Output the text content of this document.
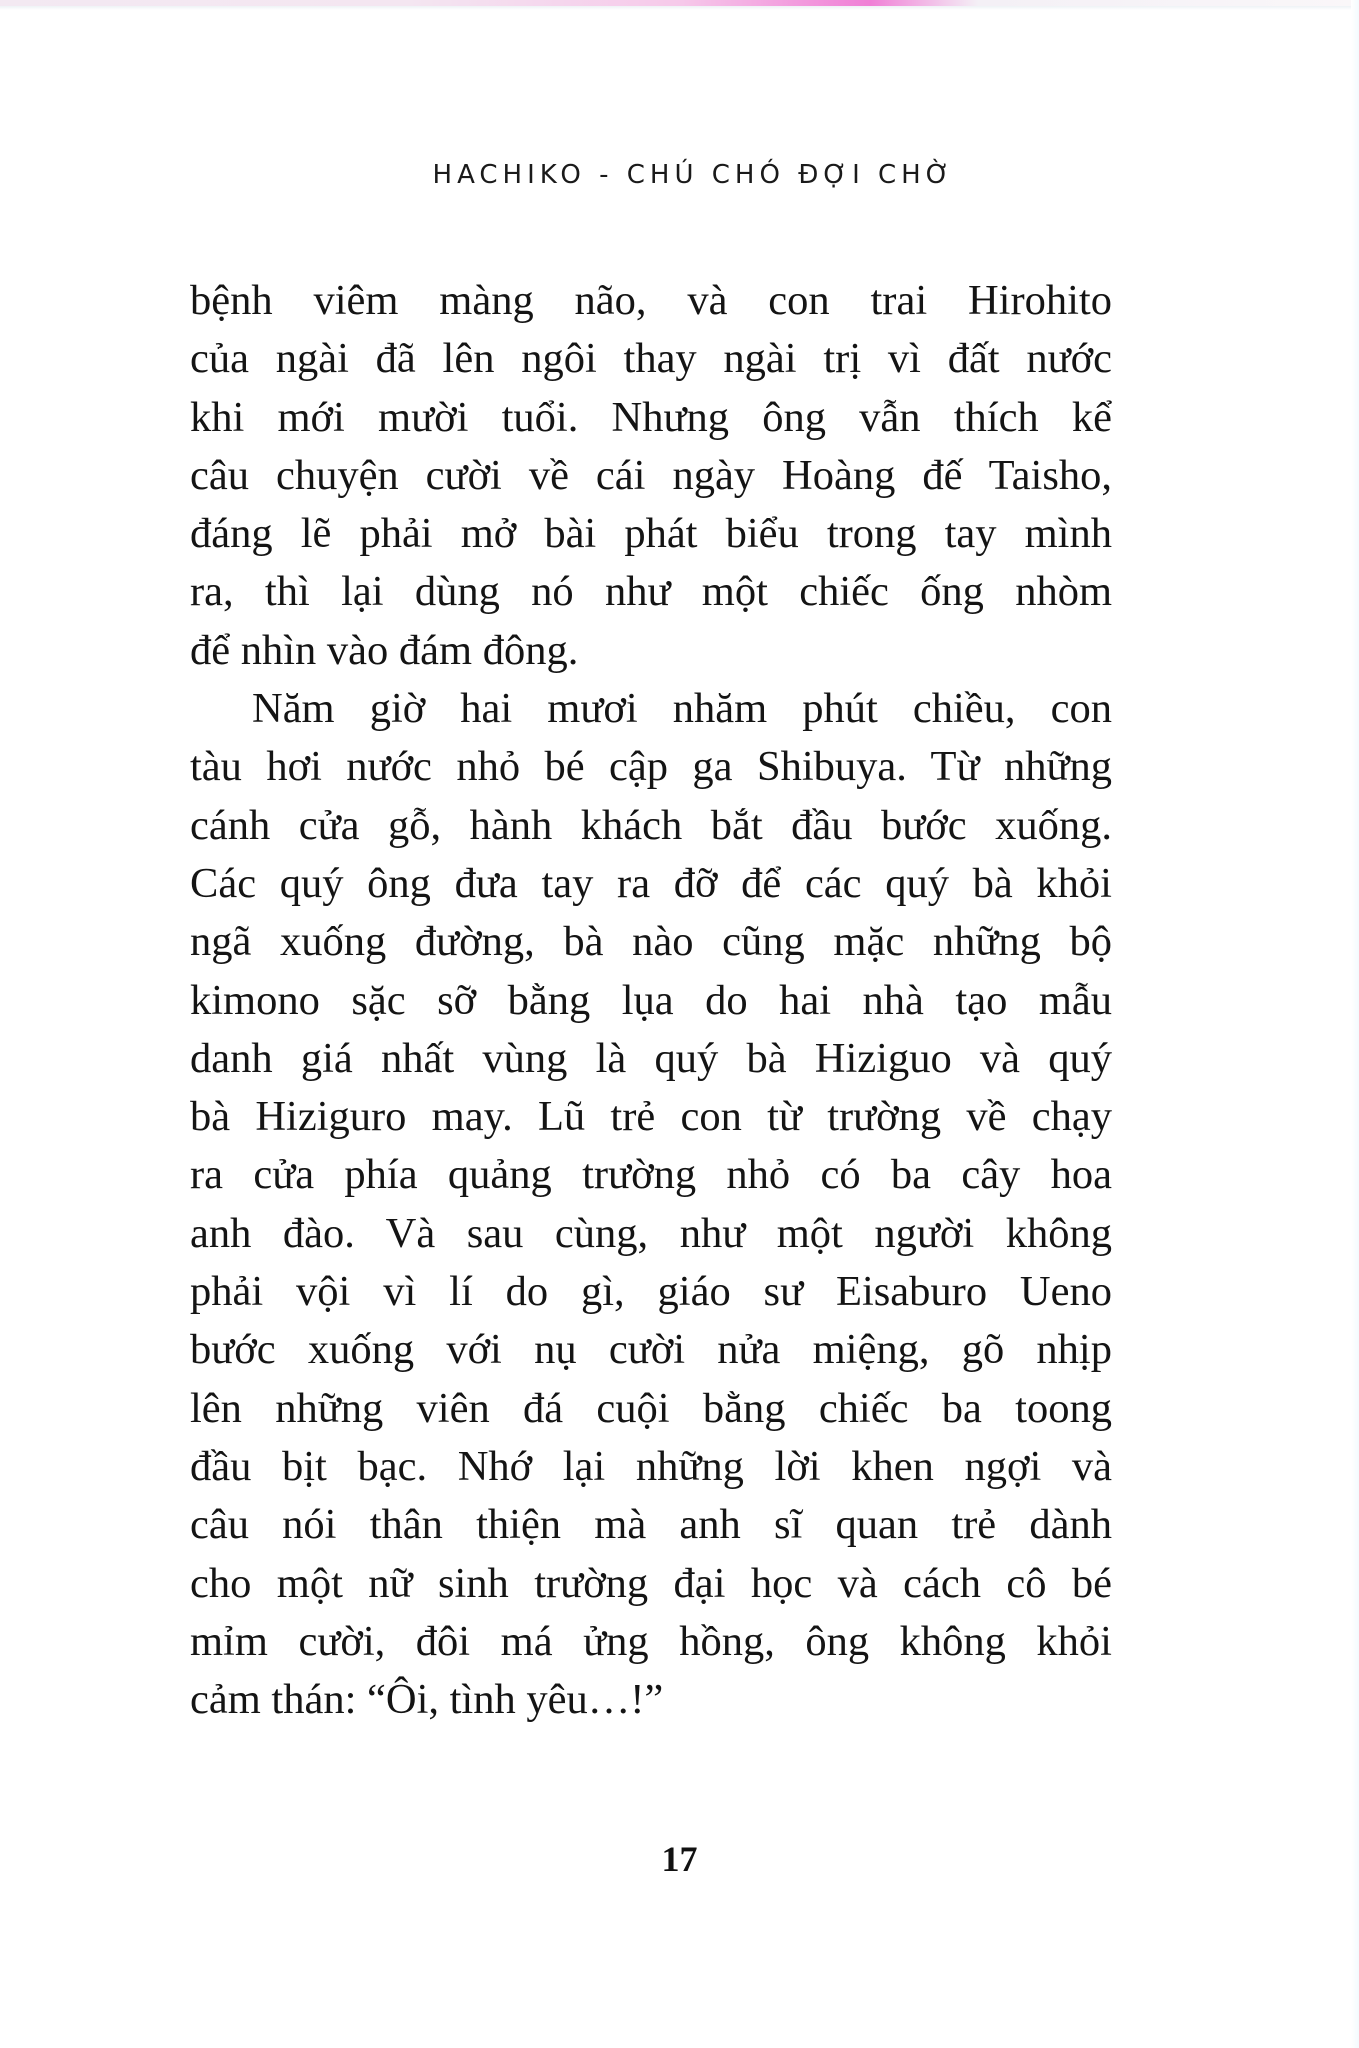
HACHIKO - CHÚ CHÓ ĐỢI CHỜ
bệnh viêm màng não, và con trai Hirohito
của ngài đã lên ngôi thay ngài trị vì đất nước
khi mới mười tuổi. Nhưng ông vẫn thích kể
câu chuyện cười về cái ngày Hoàng đế Taisho,
đáng lẽ phải mở bài phát biểu trong tay mình
ra, thì lại dùng nó như một chiếc ống nhòm
để nhìn vào đám đông.
Năm giờ hai mươi nhăm phút chiều, con
tàu hơi nước nhỏ bé cập ga Shibuya. Từ những
cánh cửa gỗ, hành khách bắt đầu bước xuống.
Các quý ông đưa tay ra đỡ để các quý bà khỏi
ngã xuống đường, bà nào cũng mặc những bộ
kimono sặc sỡ bằng lụa do hai nhà tạo mẫu
danh giá nhất vùng là quý bà Hiziguo và quý
bà Hiziguro may. Lũ trẻ con từ trường về chạy
ra cửa phía quảng trường nhỏ có ba cây hoa
anh đào. Và sau cùng, như một người không
phải vội vì lí do gì, giáo sư Eisaburo Ueno
bước xuống với nụ cười nửa miệng, gõ nhịp
lên những viên đá cuội bằng chiếc ba toong
đầu bịt bạc. Nhớ lại những lời khen ngợi và
câu nói thân thiện mà anh sĩ quan trẻ dành
cho một nữ sinh trường đại học và cách cô bé
mỉm cười, đôi má ửng hồng, ông không khỏi
cảm thán: “Ôi, tình yêu…!”
17
